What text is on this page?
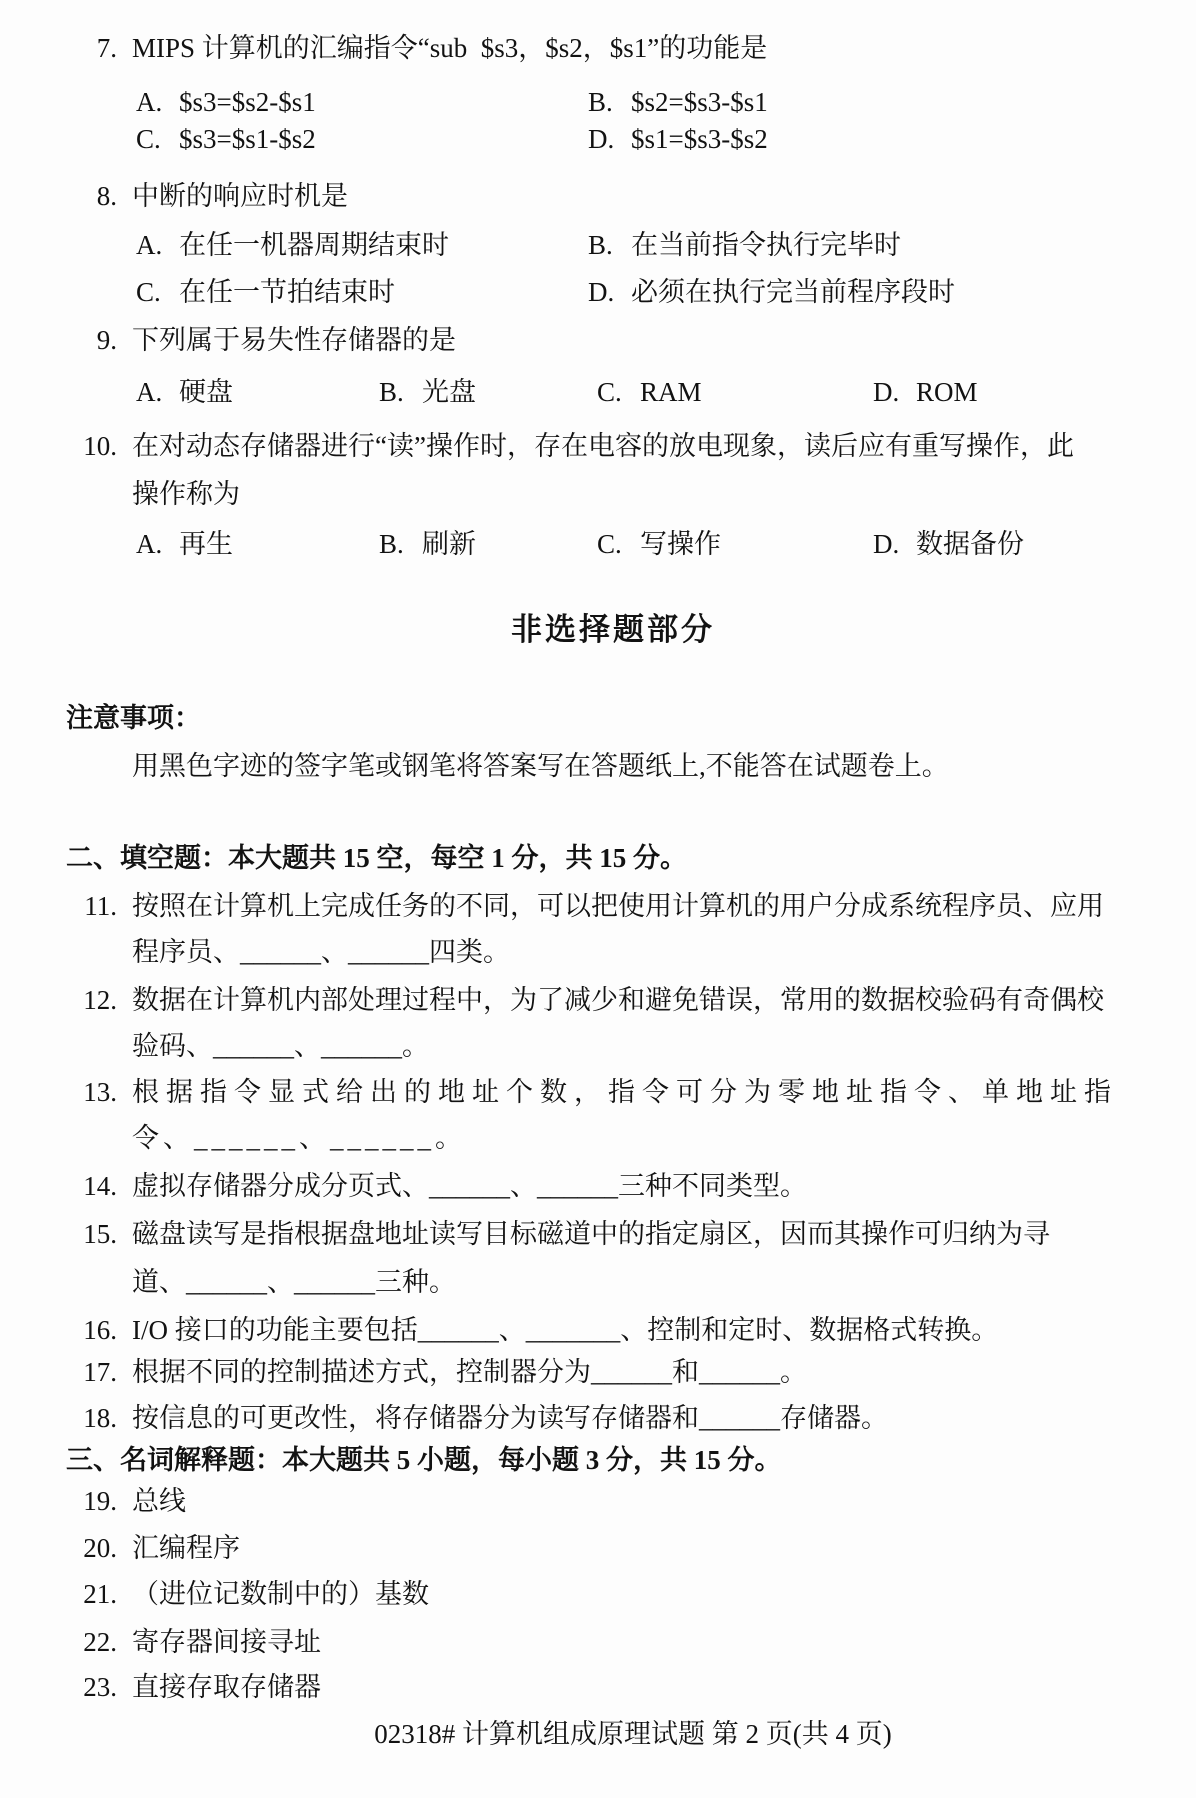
7. MIPS 计算机的汇编指令“sub  $s3，$s2，$s1”的功能是
A. $s3=$s2-$s1	B. $s2=$s3-$s1
C. $s3=$s1-$s2	D. $s1=$s3-$s2
8. 中断的响应时机是
A. 在任一机器周期结束时	B. 在当前指令执行完毕时
C. 在任一节拍结束时	D. 必须在执行完当前程序段时
9. 下列属于易失性存储器的是
A. 硬盘	B. 光盘	C. RAM	D. ROM
10. 在对动态存储器进行“读”操作时，存在电容的放电现象，读后应有重写操作，此
操作称为
A. 再生	B. 刷新	C. 写操作	D. 数据备份
非选择题部分
注意事项：
用黑色字迹的签字笔或钢笔将答案写在答题纸上,不能答在试题卷上。
二、填空题：本大题共 15 空，每空 1 分，共 15 分。
11. 按照在计算机上完成任务的不同，可以把使用计算机的用户分成系统程序员、应用
程序员、______、______四类。
12. 数据在计算机内部处理过程中，为了减少和避免错误，常用的数据校验码有奇偶校
验码、______、______。
13. 根据指令显式给出的地址个数，指令可分为零地址指令、单地址指
令、______、______。
14. 虚拟存储器分成分页式、______、______三种不同类型。
15. 磁盘读写是指根据盘地址读写目标磁道中的指定扇区，因而其操作可归纳为寻
道、______、______三种。
16. I/O 接口的功能主要包括______、_______、控制和定时、数据格式转换。
17. 根据不同的控制描述方式，控制器分为______和______。
18. 按信息的可更改性，将存储器分为读写存储器和______存储器。
三、名词解释题：本大题共 5 小题，每小题 3 分，共 15 分。
19. 总线
20. 汇编程序
21. （进位记数制中的）基数
22. 寄存器间接寻址
23. 直接存取存储器
02318# 计算机组成原理试题 第 2 页(共 4 页)
